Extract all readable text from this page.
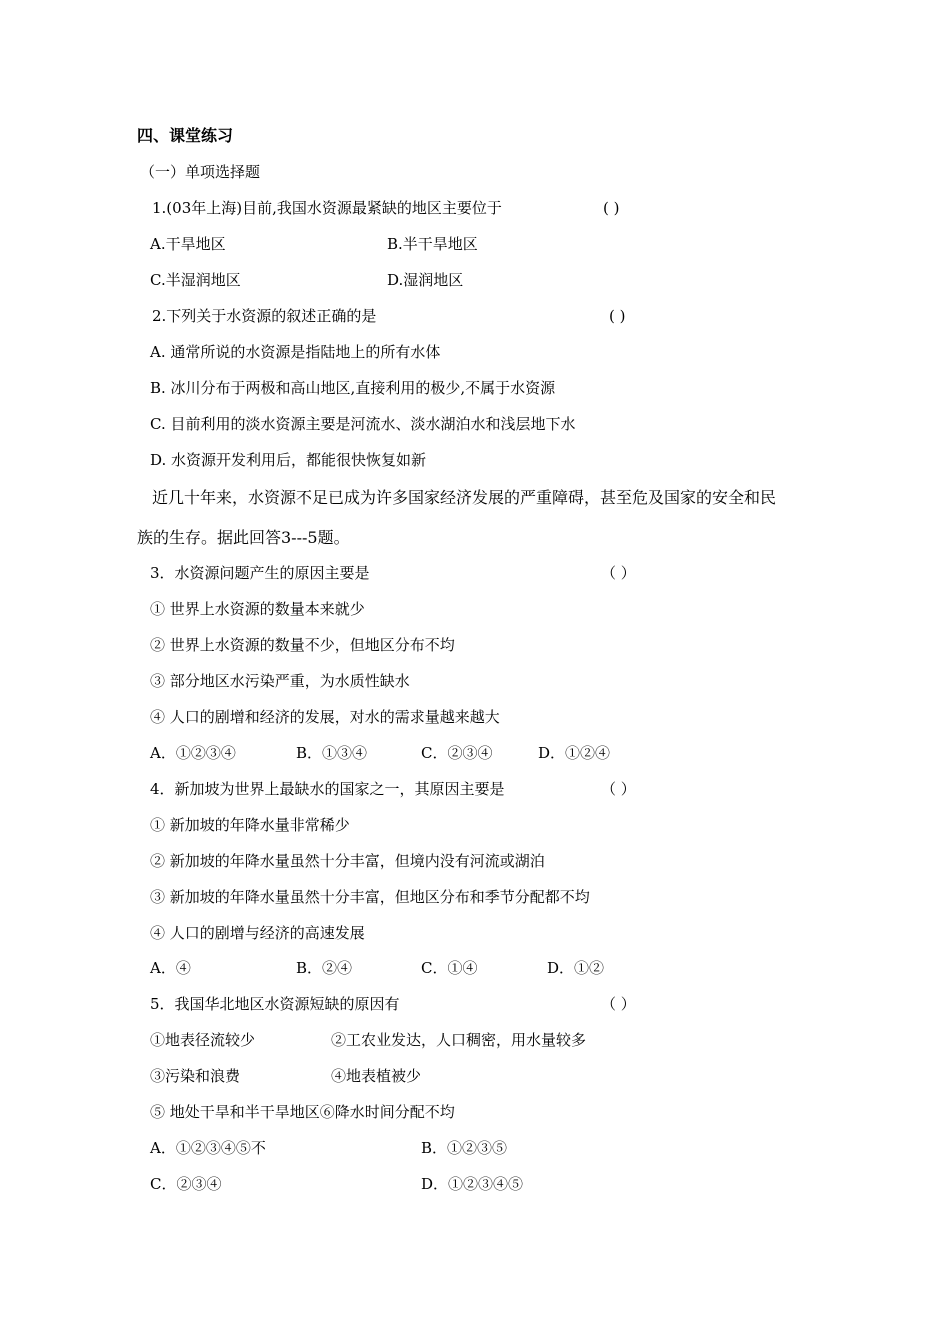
四、课堂练习
（一）单项选择题
1.(03年上海)目前,我国水资源最紧缺的地区主要位于	( )
A.干旱地区	B.半干旱地区
C.半湿润地区	D.湿润地区
2.下列关于水资源的叙述正确的是	( )
A. 通常所说的水资源是指陆地上的所有水体
B. 冰川分布于两极和高山地区,直接利用的极少,不属于水资源
C. 目前利用的淡水资源主要是河流水、淡水湖泊水和浅层地下水
D. 水资源开发利用后，都能很快恢复如新
近几十年来，水资源不足已成为许多国家经济发展的严重障碍，甚至危及国家的安全和民
族的生存。据此回答3---5题。
3．水资源问题产生的原因主要是	（ ）
① 世界上水资源的数量本来就少
② 世界上水资源的数量不少，但地区分布不均
③ 部分地区水污染严重，为水质性缺水
④ 人口的剧增和经济的发展，对水的需求量越来越大
A．①②③④	B．①③④	C．②③④	D．①②④
4．新加坡为世界上最缺水的国家之一，其原因主要是	（ ）
① 新加坡的年降水量非常稀少
② 新加坡的年降水量虽然十分丰富，但境内没有河流或湖泊
③ 新加坡的年降水量虽然十分丰富，但地区分布和季节分配都不均
④ 人口的剧增与经济的高速发展
A．④	B．②④	C．①④	D．①②
5．我国华北地区水资源短缺的原因有	（ ）
①地表径流较少	②工农业发达，人口稠密，用水量较多
③污染和浪费	④地表植被少
⑤ 地处干旱和半干旱地区⑥降水时间分配不均
A．①②③④⑤不	B．①②③⑤
C．②③④	D．①②③④⑤
